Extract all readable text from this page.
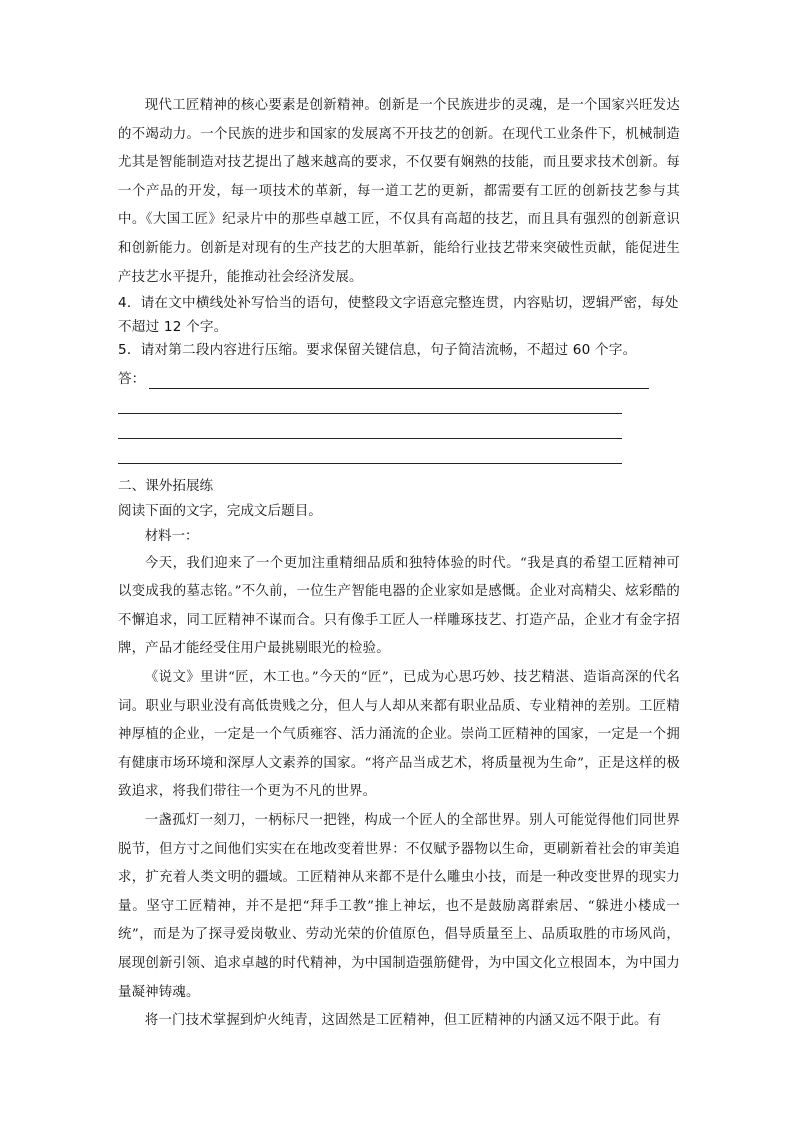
现代工匠精神的核心要素是创新精神。创新是一个民族进步的灵魂，是一个国家兴旺发达的不竭动力。一个民族的进步和国家的发展离不开技艺的创新。在现代工业条件下，机械制造尤其是智能制造对技艺提出了越来越高的要求，不仅要有娴熟的技能，而且要求技术创新。每一个产品的开发，每一项技术的革新，每一道工艺的更新，都需要有工匠的创新技艺参与其中。《大国工匠》纪录片中的那些卓越工匠，不仅具有高超的技艺，而且具有强烈的创新意识和创新能力。创新是对现有的生产技艺的大胆革新，能给行业技艺带来突破性贡献，能促进生产技艺水平提升，能推动社会经济发展。

4．请在文中横线处补写恰当的语句，使整段文字语意完整连贯，内容贴切，逻辑严密，每处不超过 12 个字。

5．请对第二段内容进行压缩。要求保留关键信息，句子简洁流畅，不超过 60 个字。

答：

二、课外拓展练

阅读下面的文字，完成文后题目。

材料一：

今天，我们迎来了一个更加注重精细品质和独特体验的时代。“我是真的希望工匠精神可以变成我的墓志铭。”不久前，一位生产智能电器的企业家如是感慨。企业对高精尖、炫彩酷的不懈追求，同工匠精神不谋而合。只有像手工匠人一样雕琢技艺、打造产品，企业才有金字招牌，产品才能经受住用户最挑剔眼光的检验。

《说文》里讲“匠，木工也。”今天的“匠”，已成为心思巧妙、技艺精湛、造诣高深的代名词。职业与职业没有高低贵贱之分，但人与人却从来都有职业品质、专业精神的差别。工匠精神厚植的企业，一定是一个气质雍容、活力涌流的企业。崇尚工匠精神的国家，一定是一个拥有健康市场环境和深厚人文素养的国家。“将产品当成艺术，将质量视为生命”，正是这样的极致追求，将我们带往一个更为不凡的世界。

一盏孤灯一刻刀，一柄标尺一把锉，构成一个匠人的全部世界。别人可能觉得他们同世界脱节，但方寸之间他们实实在在地改变着世界：不仅赋予器物以生命，更刷新着社会的审美追求，扩充着人类文明的疆域。工匠精神从来都不是什么雕虫小技，而是一种改变世界的现实力量。坚守工匠精神，并不是把“拜手工教”推上神坛，也不是鼓励离群索居、“躲进小楼成一统”，而是为了探寻爱岗敬业、劳动光荣的价值原色，倡导质量至上、品质取胜的市场风尚，展现创新引领、追求卓越的时代精神，为中国制造强筋健骨，为中国文化立根固本，为中国力量凝神铸魂。

将一门技术掌握到炉火纯青，这固然是工匠精神，但工匠精神的内涵又远不限于此。有
